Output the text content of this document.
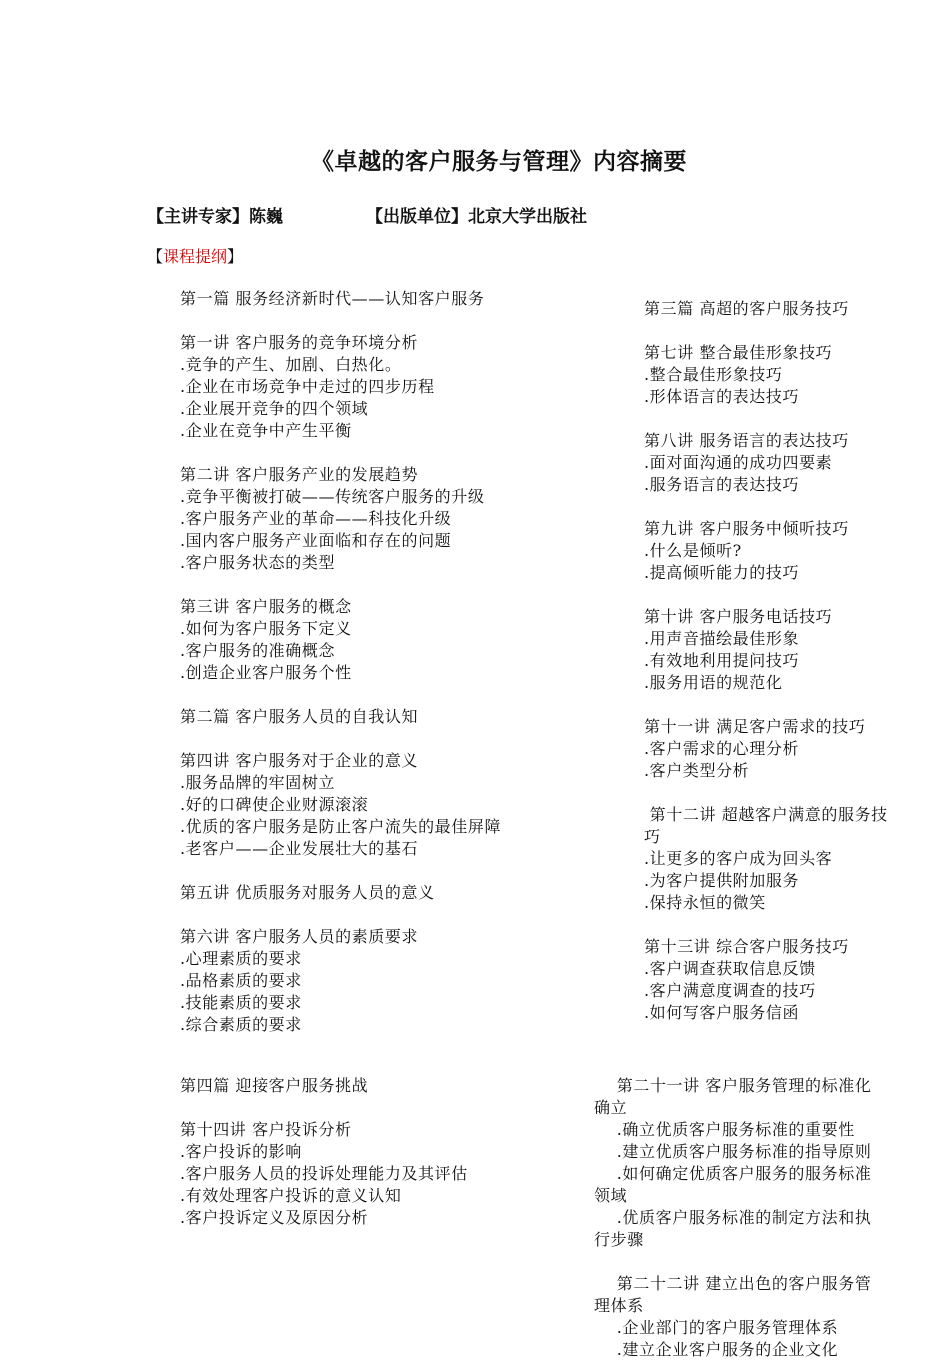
《卓越的客户服务与管理》内容摘要
【主讲专家】陈巍	【出版单位】北京大学出版社
【课程提纲】
第一篇 服务经济新时代——认知客户服务
第一讲 客户服务的竞争环境分析
.竞争的产生、加剧、白热化。
.企业在市场竞争中走过的四步历程
.企业展开竞争的四个领域
.企业在竞争中产生平衡
第二讲 客户服务产业的发展趋势
.竞争平衡被打破——传统客户服务的升级
.客户服务产业的革命——科技化升级
.国内客户服务产业面临和存在的问题
.客户服务状态的类型
第三讲 客户服务的概念
.如何为客户服务下定义
.客户服务的准确概念
.创造企业客户服务个性
第二篇 客户服务人员的自我认知
第四讲 客户服务对于企业的意义
.服务品牌的牢固树立
.好的口碑使企业财源滚滚
.优质的客户服务是防止客户流失的最佳屏障
.老客户——企业发展壮大的基石
第五讲 优质服务对服务人员的意义
第六讲 客户服务人员的素质要求
.心理素质的要求
.品格素质的要求
.技能素质的要求
.综合素质的要求
第三篇 高超的客户服务技巧
第七讲 整合最佳形象技巧
.整合最佳形象技巧
.形体语言的表达技巧
第八讲 服务语言的表达技巧
.面对面沟通的成功四要素
.服务语言的表达技巧
第九讲 客户服务中倾听技巧
.什么是倾听?
.提高倾听能力的技巧
第十讲 客户服务电话技巧
.用声音描绘最佳形象
.有效地利用提问技巧
.服务用语的规范化
第十一讲 满足客户需求的技巧
.客户需求的心理分析
.客户类型分析
第十二讲 超越客户满意的服务技
巧
.让更多的客户成为回头客
.为客户提供附加服务
.保持永恒的微笑
第十三讲 综合客户服务技巧
.客户调查获取信息反馈
.客户满意度调查的技巧
.如何写客户服务信函
第四篇 迎接客户服务挑战
第十四讲 客户投诉分析
.客户投诉的影响
.客户服务人员的投诉处理能力及其评估
.有效处理客户投诉的意义认知
.客户投诉定义及原因分析
第二十一讲 客户服务管理的标准化
确立
.确立优质客户服务标准的重要性
.建立优质客户服务标准的指导原则
.如何确定优质客户服务的服务标准
领域
.优质客户服务标准的制定方法和执
行步骤
第二十二讲 建立出色的客户服务管
理体系
.企业部门的客户服务管理体系
.建立企业客户服务的企业文化
